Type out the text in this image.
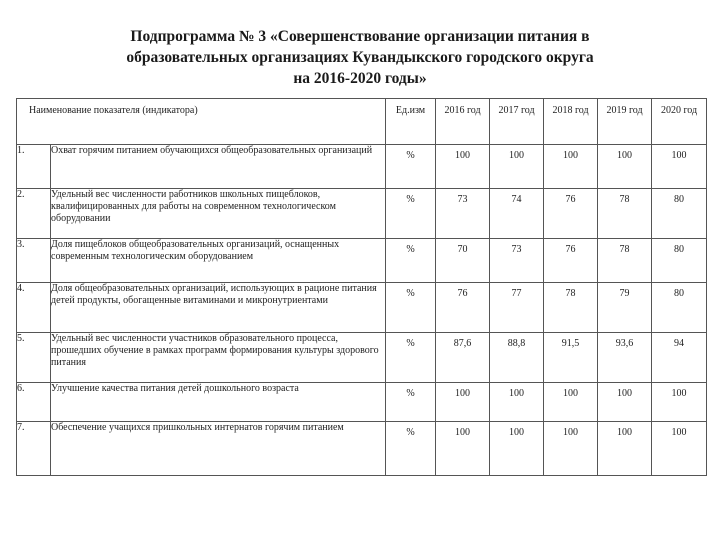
Подпрограмма № 3 «Совершенствование организации питания в
образовательных организациях Кувандыкского городского округа
на 2016-2020 годы»
Наименование показателя (индикатора)		Ед.изм	2016 год	2017 год	2018 год	2019 год	2020 год
1.	Охват горячим питанием обучающихся общеобразовательных организаций	%	100	100	100	100	100
2.	Удельный вес численности работников школьных пищеблоков, квалифицированных для работы на современном технологическом оборудовании	%	73	74	76	78	80
3.	Доля пищеблоков общеобразовательных организаций, оснащенных современным технологическим оборудованием	%	70	73	76	78	80
4.	Доля общеобразовательных организаций, использующих в рационе питания детей продукты, обогащенные витаминами и микронутриентами	%	76	77	78	79	80
5.	Удельный вес численности участников образовательного процесса, прошедших обучение в рамках программ формирования культуры здорового питания	%	87,6	88,8	91,5	93,6	94
6.	Улучшение качества питания детей дошкольного возраста	%	100	100	100	100	100
7.	Обеспечение учащихся пришкольных интернатов горячим питанием	%	100	100	100	100	100
